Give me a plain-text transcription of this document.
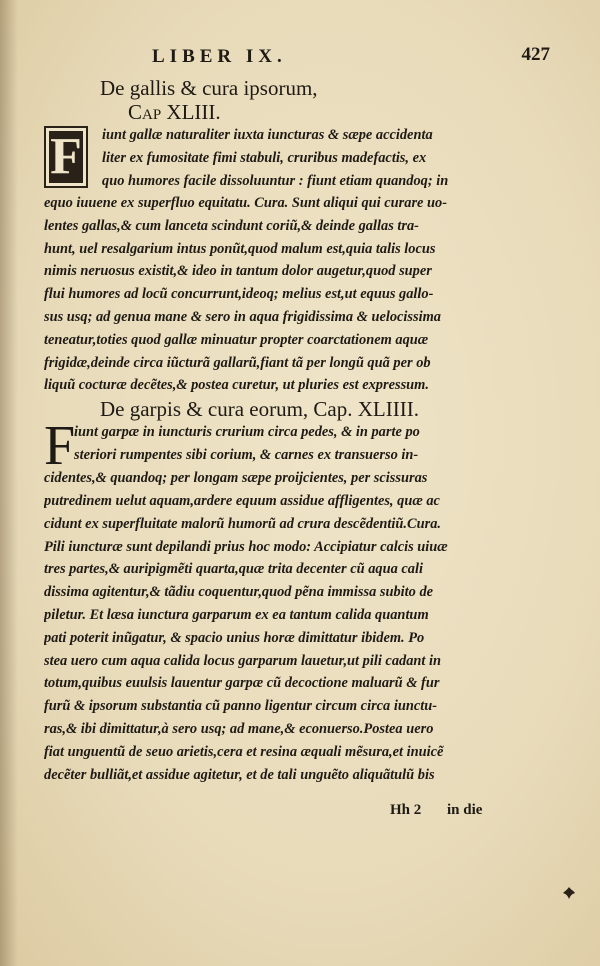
LIBER IX.	427
De gallis & cura ipsorum,
Cap XLIII.
F	iunt gallæ naturaliter iuxta iuncturas & sæpe accidenta
liter ex fumositate fimi stabuli, cruribus madefactis, ex
quo humores facile dissoluuntur : fiunt etiam quandoq; in
equo iuuene ex superfluo equitatu. Cura. Sunt aliqui qui curare uo-
lentes gallas,& cum lanceta scindunt coriũ,& deinde gallas tra-
hunt, uel resalgarium intus ponũt,quod malum est,quia talis locus
nimis neruosus existit,& ideo in tantum dolor augetur,quod super
flui humores ad locũ concurrunt,ideoq; melius est,ut equus gallo-
sus usq; ad genua mane & sero in aqua frigidissima & uelocissima
teneatur,toties quod gallæ minuatur propter coarctationem aquæ
frigidæ,deinde circa iũcturã gallarũ,fiant tã per longũ quã per ob
liquũ cocturæ decẽtes,& postea curetur, ut pluries est expressum.
De garpis & cura eorum, Cap. XLIIII.
F
iunt garpæ in iuncturis crurium circa pedes, & in parte po
steriori rumpentes sibi corium, & carnes ex transuerso in-
cidentes,& quandoq; per longam sæpe proijcientes, per scissuras
putredinem uelut aquam,ardere equum assidue affligentes, quæ ac
cidunt ex superfluitate malorũ humorũ ad crura descẽdentiũ.Cura.
Pili iuncturæ sunt depilandi prius hoc modo: Accipiatur calcis uiuæ
tres partes,& auripigmẽti quarta,quæ trita decenter cũ aqua cali
dissima agitentur,& tãdiu coquentur,quod pẽna immissa subito de
piletur. Et læsa iunctura garparum ex ea tantum calida quantum
pati poterit inũgatur, & spacio unius horæ dimittatur ibidem. Po
stea uero cum aqua calida locus garparum lauetur,ut pili cadant in
totum,quibus euulsis lauentur garpæ cũ decoctione maluarũ & fur
furũ & ipsorum substantia cũ panno ligentur circum circa iunctu-
ras,& ibi dimittatur,à sero usq; ad mane,& econuerso.Postea uero
fiat unguentũ de seuo arietis,cera et resina æquali mẽsura,et inuicẽ
decẽter bulliãt,et assidue agitetur, et de tali unguẽto aliquãtulũ bis
Hh 2 in die
